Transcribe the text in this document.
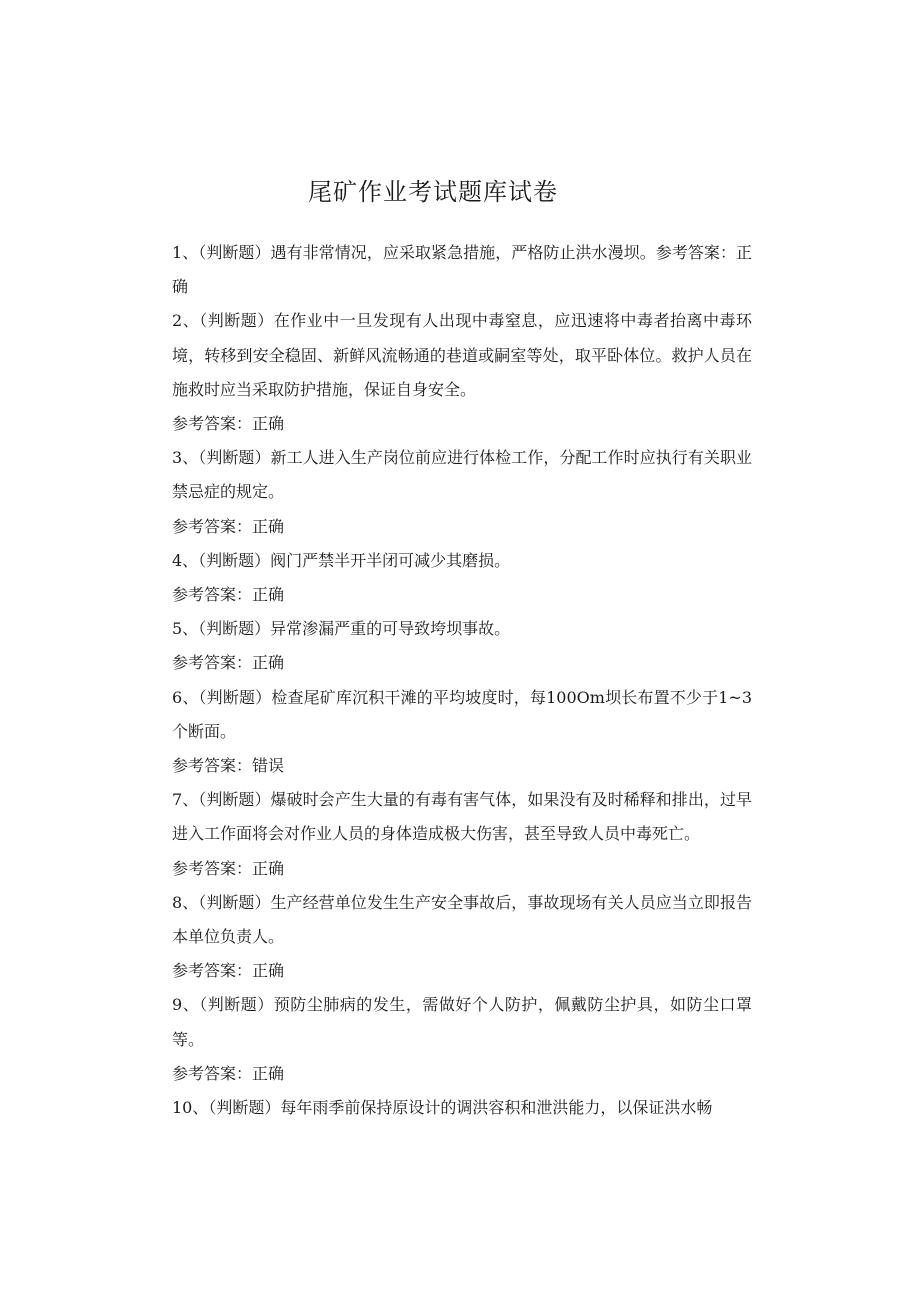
尾矿作业考试题库试卷

1、（判断题）遇有非常情况，应采取紧急措施，严格防止洪水漫坝。参考答案：正确

2、（判断题）在作业中一旦发现有人出现中毒窒息，应迅速将中毒者抬离中毒环境，转移到安全稳固、新鲜风流畅通的巷道或嗣室等处，取平卧体位。救护人员在施救时应当采取防护措施，保证自身安全。

参考答案：正确

3、（判断题）新工人进入生产岗位前应进行体检工作，分配工作时应执行有关职业禁忌症的规定。

参考答案：正确

4、（判断题）阀门严禁半开半闭可减少其磨损。

参考答案：正确

5、（判断题）异常渗漏严重的可导致垮坝事故。

参考答案：正确

6、（判断题）检查尾矿库沉积干滩的平均坡度时，每100Om坝长布置不少于1~3个断面。

参考答案：错误

7、（判断题）爆破时会产生大量的有毒有害气体，如果没有及时稀释和排出，过早进入工作面将会对作业人员的身体造成极大伤害，甚至导致人员中毒死亡。

参考答案：正确

8、（判断题）生产经营单位发生生产安全事故后，事故现场有关人员应当立即报告本单位负责人。

参考答案：正确

9、（判断题）预防尘肺病的发生，需做好个人防护，佩戴防尘护具，如防尘口罩等。

参考答案：正确

10、（判断题）每年雨季前保持原设计的调洪容积和泄洪能力，以保证洪水畅
